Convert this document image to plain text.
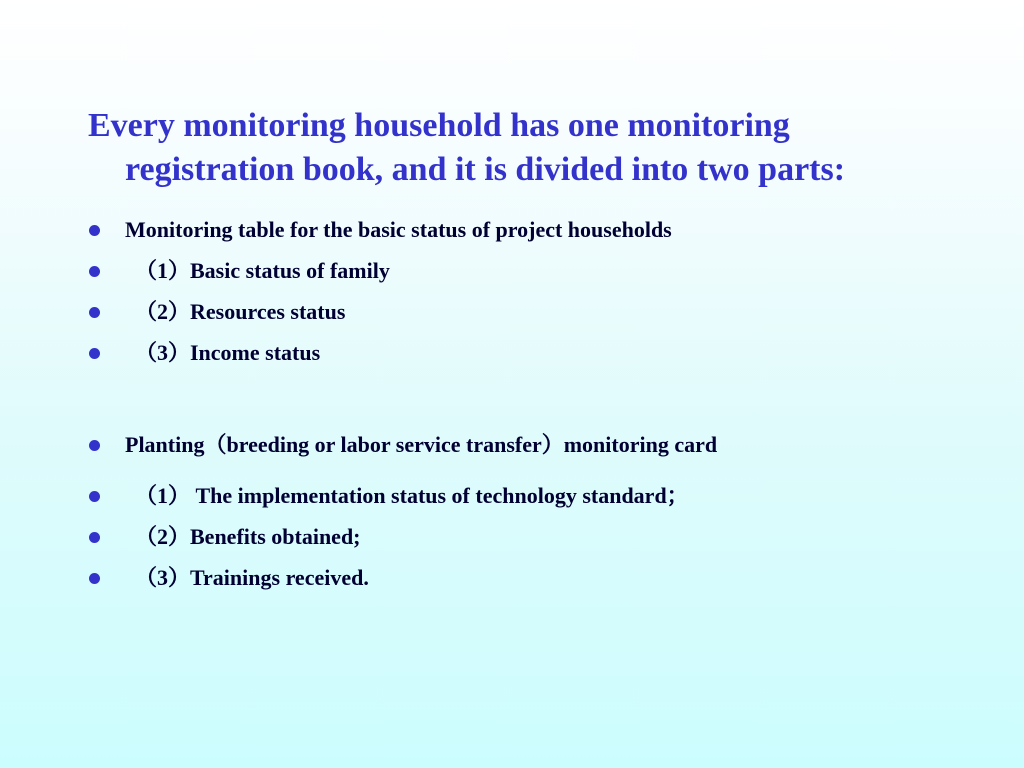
Every monitoring household has one monitoring
registration book, and it is divided into two parts:
Monitoring table for the basic status of project households
（1）Basic status of family
（2）Resources status
（3）Income status
Planting（breeding or labor service transfer）monitoring card
（1） The implementation status of technology standard；
（2）Benefits obtained;
（3）Trainings received.
